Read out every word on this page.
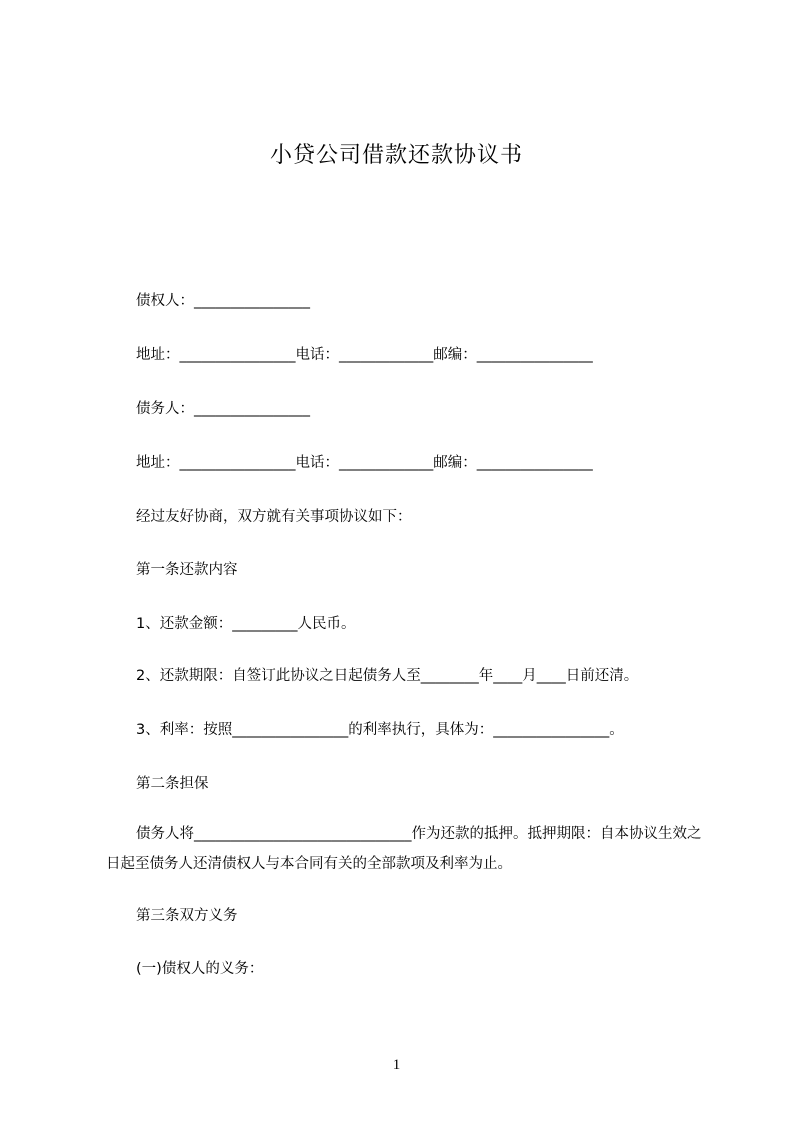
小贷公司借款还款协议书
债权人：________________
地址：________________电话：_____________邮编：________________
债务人：________________
地址：________________电话：_____________邮编：________________
经过友好协商，双方就有关事项协议如下：
第一条还款内容
1、还款金额：_________人民币。
2、还款期限：自签订此协议之日起债务人至________年____月____日前还清。
3、利率：按照________________的利率执行，具体为：________________。
第二条担保
债务人将______________________________作为还款的抵押。抵押期限：自本协议生效之日起至债务人还清债权人与本合同有关的全部款项及利率为止。
第三条双方义务
(一)债权人的义务：
1
